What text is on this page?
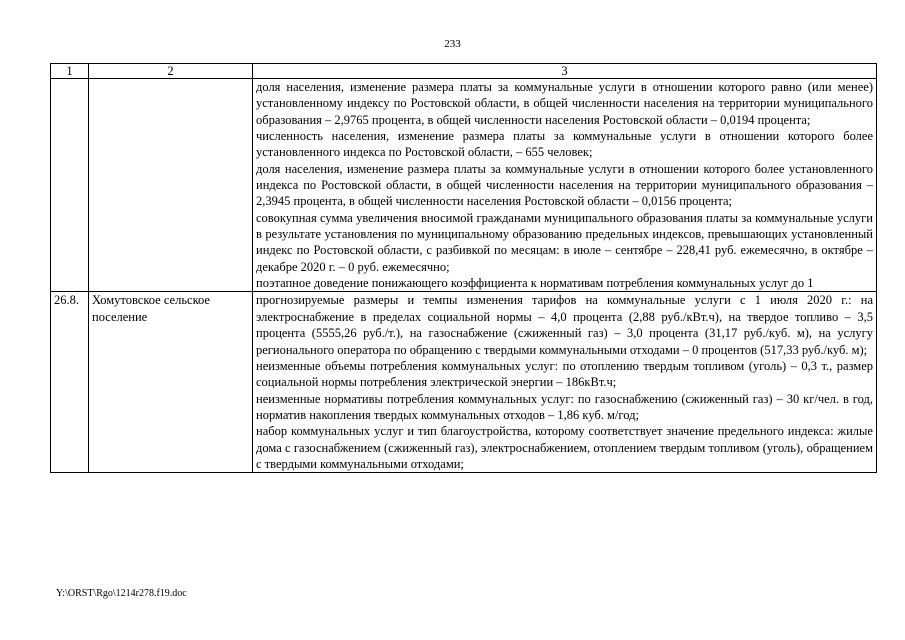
233
1	2	3

		доля населения, изменение размера платы за коммунальные услуги в отношении которого равно (или менее) установленному индексу по Ростовской области, в общей численности населения на территории муниципального образования – 2,9765 процента, в общей численности населения Ростовской области – 0,0194 процента;
численность населения, изменение размера платы за коммунальные услуги в отношении которого более установленного индекса по Ростовской области, – 655 человек;
доля населения, изменение размера платы за коммунальные услуги в отношении которого более установленного индекса по Ростовской области, в общей численности населения на территории муниципального образования – 2,3945 процента, в общей численности населения Ростовской области – 0,0156 процента;
совокупная сумма увеличения вносимой гражданами муниципального образования платы за коммунальные услуги в результате установления по муниципальному образованию предельных индексов, превышающих установленный индекс по Ростовской области, с разбивкой по месяцам: в июле – сентябре – 228,41 руб. ежемесячно, в октябре – декабре 2020 г. – 0 руб. ежемесячно;
поэтапное доведение понижающего коэффициента к нормативам потребления коммунальных услуг до 1

26.8.	Хомутовское сельское поселение	прогнозируемые размеры и темпы изменения тарифов на коммунальные услуги с 1 июля 2020 г.: на электроснабжение в пределах социальной нормы – 4,0 процента (2,88 руб./кВт.ч), на твердое топливо – 3,5 процента (5555,26 руб./т.), на газоснабжение (сжиженный газ) – 3,0 процента (31,17 руб./куб. м), на услугу регионального оператора по обращению с твердыми коммунальными отходами – 0 процентов (517,33 руб./куб. м);
неизменные объемы потребления коммунальных услуг: по отоплению твердым топливом (уголь) – 0,3 т., размер социальной нормы потребления электрической энергии – 186кВт.ч;
неизменные нормативы потребления коммунальных услуг: по газоснабжению (сжиженный газ) – 30 кг/чел. в год, норматив накопления твердых коммунальных отходов – 1,86 куб. м/год;
набор коммунальных услуг и тип благоустройства, которому соответствует значение предельного индекса: жилые дома с газоснабжением (сжиженный газ), электроснабжением, отоплением твердым топливом (уголь), обращением с твердыми коммунальными отходами;
Y:\ORST\Rgo\1214r278.f19.doc
